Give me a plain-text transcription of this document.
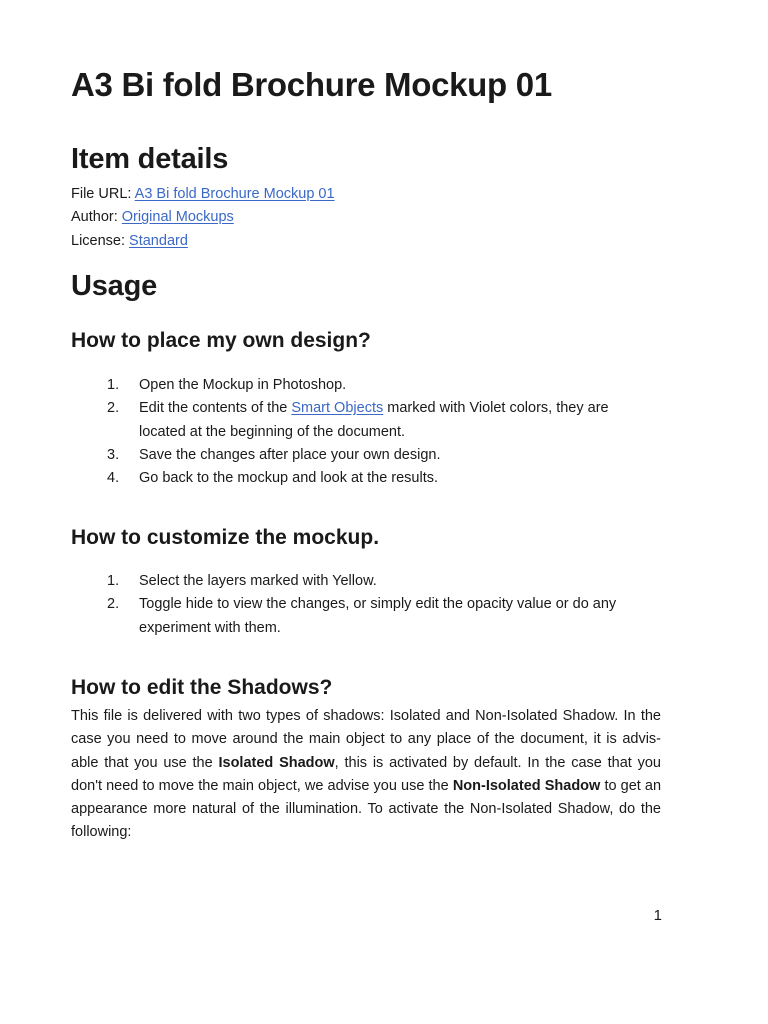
A3 Bi fold Brochure Mockup 01
Item details
File URL: A3 Bi fold Brochure Mockup 01
Author: Original Mockups
License: Standard
Usage
How to place my own design?
1. Open the Mockup in Photoshop.
2. Edit the contents of the Smart Objects marked with Violet colors, they are located at the beginning of the document.
3. Save the changes after place your own design.
4. Go back to the mockup and look at the results.
How to customize the mockup.
1. Select the layers marked with Yellow.
2. Toggle hide to view the changes, or simply edit the opacity value or do any experiment with them.
How to edit the Shadows?

This file is delivered with two types of shadows: Isolated and Non-Isolated Shadow. In the case you need to move around the main object to any place of the document, it is advis-able that you use the Isolated Shadow, this is activated by default. In the case that you don't need to move the main object, we advise you use the Non-Isolated Shadow to get an appearance more natural of the illumination. To activate the Non-Isolated Shadow, do the following:

1
